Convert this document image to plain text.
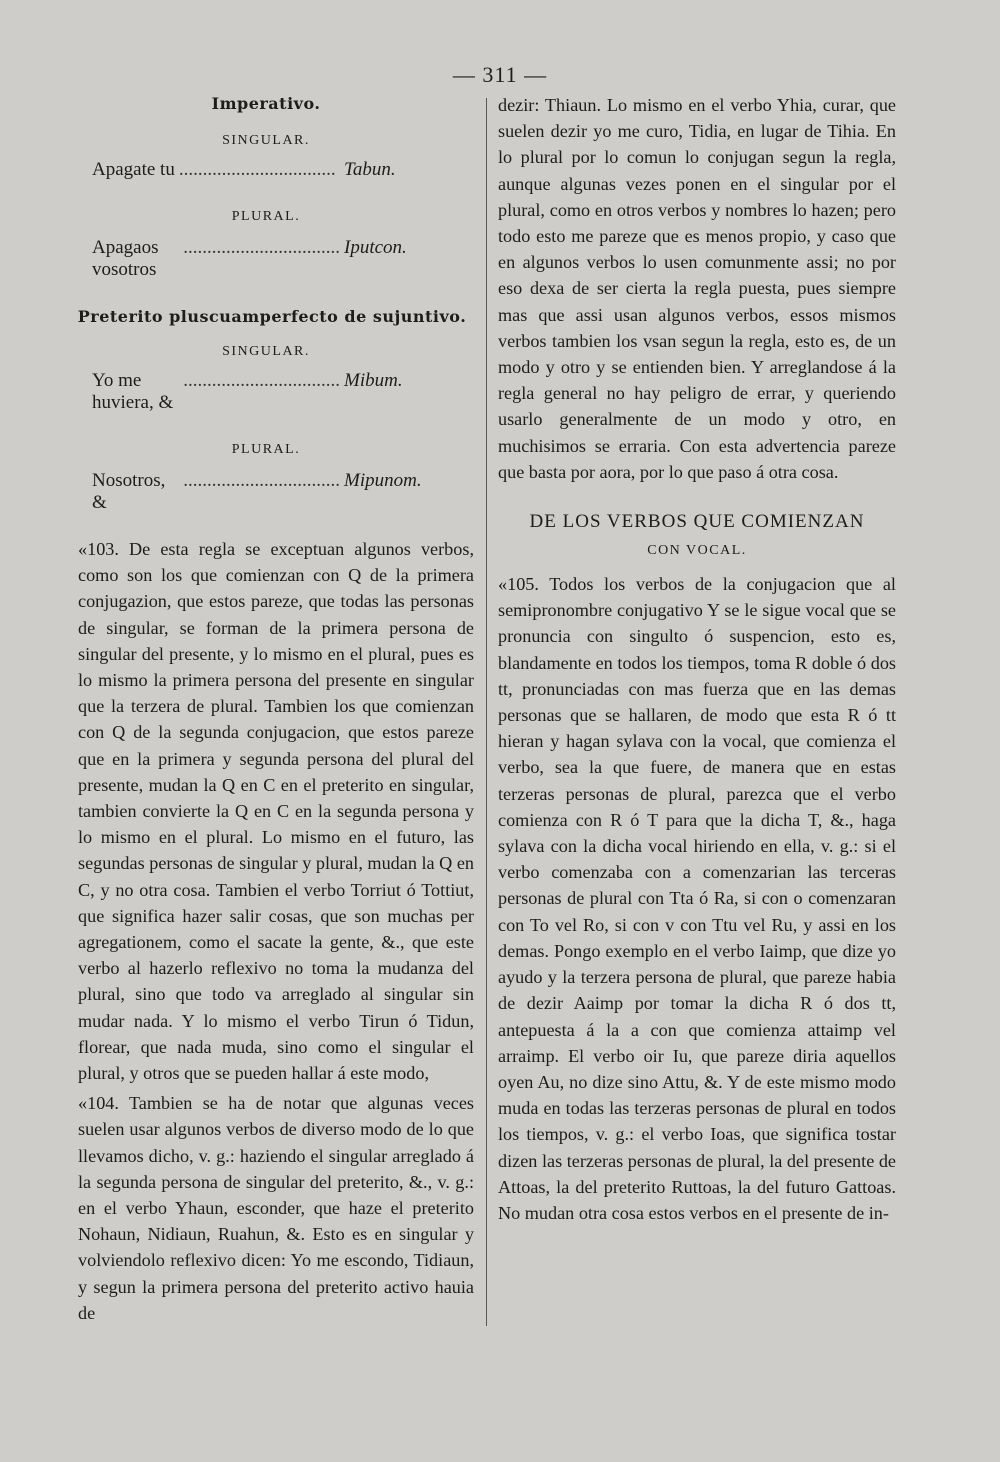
— 311 —
Imperativo.
SINGULAR.
Apagate tu ................................. Tabun.
PLURAL.
Apagaos vosotros
................................. Iputcon.
Preterito pluscuamperfecto de sujuntivo.
SINGULAR.
Yo me huviera, &
................................. Mibum.
PLURAL.
Nosotros, &
................................. Mipunom.

«103. De esta regla se exceptuan algunos verbos, como son los que comienzan con Q de la primera conjugazion, que estos pareze, que todas las personas de singular, se forman de la primera persona de singular del presente, y lo mismo en el plural, pues es lo mismo la primera persona del presente en singular que la terzera de plural. Tambien los que comienzan con Q de la segunda conjugacion, que estos pareze que en la primera y segunda persona del plural del presente, mudan la Q en C en el preterito en singular, tambien convierte la Q en C en la segunda persona y lo mismo en el plural. Lo mismo en el futuro, las segundas personas de singular y plural, mudan la Q en C, y no otra cosa. Tambien el verbo Torriut ó Tottiut, que significa hazer salir cosas, que son muchas per agregationem, como el sacate la gente, &., que este verbo al hazerlo reflexivo no toma la mudanza del plural, sino que todo va arreglado al singular sin mudar nada. Y lo mismo el verbo Tirun ó Tidun, florear, que nada muda, sino como el singular el plural, y otros que se pueden hallar á este modo,

«104. Tambien se ha de notar que algunas veces suelen usar algunos verbos de diverso modo de lo que llevamos dicho, v. g.: haziendo el singular arreglado á la segunda persona de singular del preterito, &., v. g.: en el verbo Yhaun, esconder, que haze el preterito Nohaun, Nidiaun, Ruahun, &. Esto es en singular y volviendolo reflexivo dicen: Yo me escondo, Tidiaun, y segun la primera persona del preterito activo hauia de

dezir: Thiaun. Lo mismo en el verbo Yhia, curar, que suelen dezir yo me curo, Tidia, en lugar de Tihia. En lo plural por lo comun lo conjugan segun la regla, aunque algunas vezes ponen en el singular por el plural, como en otros verbos y nombres lo hazen; pero todo esto me pareze que es menos propio, y caso que en algunos verbos lo usen comunmente assi; no por eso dexa de ser cierta la regla puesta, pues siempre mas que assi usan algunos verbos, essos mismos verbos tambien los vsan segun la regla, esto es, de un modo y otro y se entienden bien. Y arreglandose á la regla general no hay peligro de errar, y queriendo usarlo generalmente de un modo y otro, en muchisimos se erraria. Con esta advertencia pareze que basta por aora, por lo que paso á otra cosa.

DE LOS VERBOS QUE COMIENZAN
CON VOCAL.

«105. Todos los verbos de la conjugacion que al semipronombre conjugativo Y se le sigue vocal que se pronuncia con singulto ó suspencion, esto es, blandamente en todos los tiempos, toma R doble ó dos tt, pronunciadas con mas fuerza que en las demas personas que se hallaren, de modo que esta R ó tt hieran y hagan sylava con la vocal, que comienza el verbo, sea la que fuere, de manera que en estas terzeras personas de plural, parezca que el verbo comienza con R ó T para que la dicha T, &., haga sylava con la dicha vocal hiriendo en ella, v. g.: si el verbo comenzaba con a comenzarian las terceras personas de plural con Tta ó Ra, si con o comenzaran con To vel Ro, si con v con Ttu vel Ru, y assi en los demas. Pongo exemplo en el verbo Iaimp, que dize yo ayudo y la terzera persona de plural, que pareze habia de dezir Aaimp por tomar la dicha R ó dos tt, antepuesta á la a con que comienza attaimp vel arraimp. El verbo oir Iu, que pareze diria aquellos oyen Au, no dize sino Attu, &. Y de este mismo modo muda en todas las terzeras personas de plural en todos los tiempos, v. g.: el verbo Ioas, que significa tostar dizen las terzeras personas de plural, la del presente de Attoas, la del preterito Ruttoas, la del futuro Gattoas. No mudan otra cosa estos verbos en el presente de in-
